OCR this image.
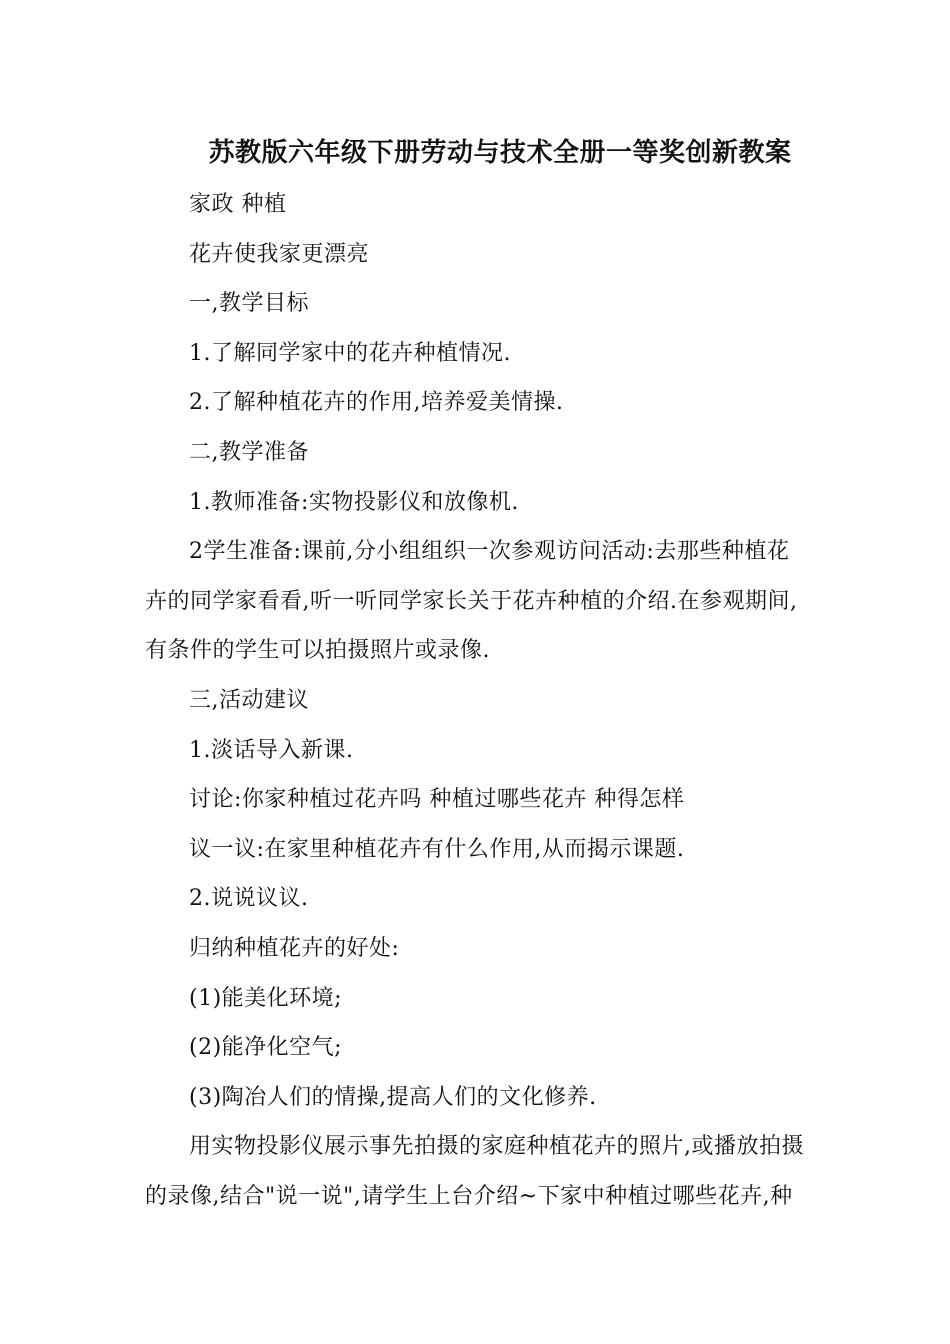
苏教版六年级下册劳动与技术全册一等奖创新教案

家政 种植

花卉使我家更漂亮

一,教学目标

1.了解同学家中的花卉种植情况.

2.了解种植花卉的作用,培养爱美情操.

二,教学准备

1.教师准备:实物投影仪和放像机.

2学生准备:课前,分小组组织一次参观访问活动:去那些种植花

卉的同学家看看,听一听同学家长关于花卉种植的介绍.在参观期间,

有条件的学生可以拍摄照片或录像.

三,活动建议

1.淡话导入新课.

讨论:你家种植过花卉吗 种植过哪些花卉 种得怎样

议一议:在家里种植花卉有什么作用,从而揭示课题.

2.说说议议.

归纳种植花卉的好处:

(1)能美化环境;

(2)能净化空气;

(3)陶冶人们的情操,提高人们的文化修养.

用实物投影仪展示事先拍摄的家庭种植花卉的照片,或播放拍摄

的录像,结合"说一说",请学生上台介绍~下家中种植过哪些花卉,种
